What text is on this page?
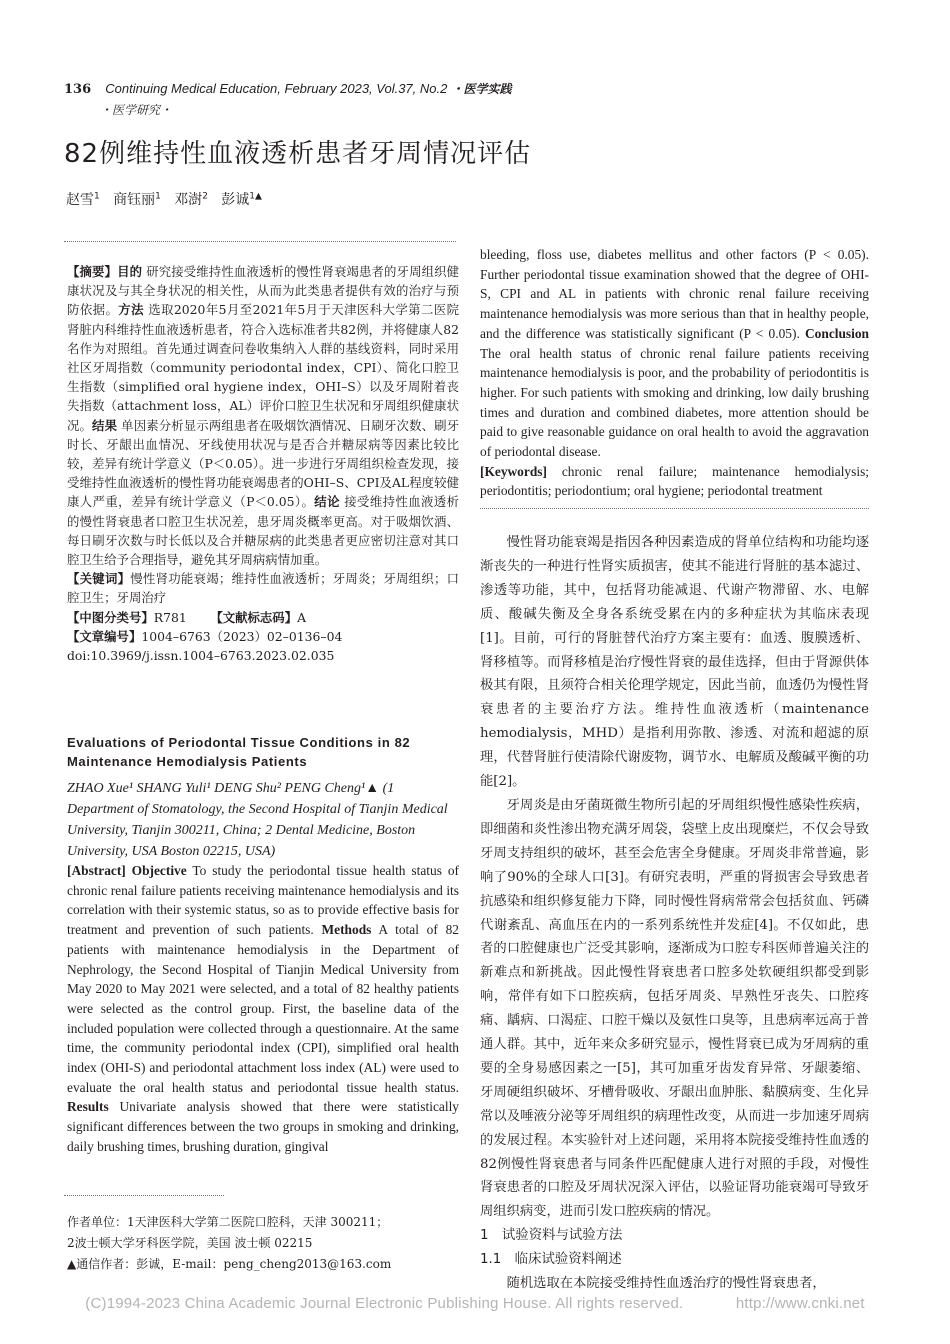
136 Continuing Medical Education, February 2023, Vol.37, No.2 ・医学实践
・医学研究・
82例维持性血液透析患者牙周情况评估
赵雪$^1$ 商钰丽$^1$ 邓澍$^2$ 彭诚$^{1▲}$
【摘要】目的 研究接受维持性血液透析的慢性肾衰竭患者的牙周组织健康状况及与其全身状况的相关性，从而为此类患者提供有效的治疗与预防依据。方法 选取2020年5月至2021年5月于天津医科大学第二医院肾脏内科维持性血液透析患者，符合入选标准者共82例，并将健康人82名作为对照组。首先通过调查问卷收集纳入人群的基线资料，同时采用社区牙周指数（community periodontal index，CPI）、简化口腔卫生指数（simplified oral hygiene index，OHI–S）以及牙周附着丧失指数（attachment loss，AL）评价口腔卫生状况和牙周组织健康状况。结果 单因素分析显示两组患者在吸烟饮酒情况、日刷牙次数、刷牙时长、牙龈出血情况、牙线使用状况与是否合并糖尿病等因素比较比较，差异有统计学意义（P＜0.05）。进一步进行牙周组织检查发现，接受维持性血液透析的慢性肾功能衰竭患者的OHI–S、CPI及AL程度较健康人严重，差异有统计学意义（P＜0.05）。结论 接受维持性血液透析的慢性肾衰患者口腔卫生状况差，患牙周炎概率更高。对于吸烟饮酒、每日刷牙次数与时长低以及合并糖尿病的此类患者更应密切注意对其口腔卫生给予合理指导，避免其牙周病病情加重。
【关键词】慢性肾功能衰竭；维持性血液透析；牙周炎；牙周组织；口腔卫生；牙周治疗
【中图分类号】R781 【文献标志码】A
【文章编号】1004–6763（2023）02–0136–04
doi:10.3969/j.issn.1004–6763.2023.02.035
Evaluations of Periodontal Tissue Conditions in 82 Maintenance Hemodialysis Patients
ZHAO Xue¹ SHANG Yuli¹ DENG Shu² PENG Cheng¹▲ (1 Department of Stomatology, the Second Hospital of Tianjin Medical University, Tianjin 300211, China; 2 Dental Medicine, Boston University, USA Boston 02215, USA)
[Abstract] Objective To study the periodontal tissue health status of chronic renal failure patients receiving maintenance hemodialysis and its correlation with their systemic status, so as to provide effective basis for treatment and prevention of such patients. Methods A total of 82 patients with maintenance hemodialysis in the Department of Nephrology, the Second Hospital of Tianjin Medical University from May 2020 to May 2021 were selected, and a total of 82 healthy patients were selected as the control group. First, the baseline data of the included population were collected through a questionnaire. At the same time, the community periodontal index (CPI), simplified oral health index (OHI-S) and periodontal attachment loss index (AL) were used to evaluate the oral health status and periodontal tissue health status. Results Univariate analysis showed that there were statistically significant differences between the two groups in smoking and drinking, daily brushing times, brushing duration, gingival
bleeding, floss use, diabetes mellitus and other factors (P < 0.05). Further periodontal tissue examination showed that the degree of OHI-S, CPI and AL in patients with chronic renal failure receiving maintenance hemodialysis was more serious than that in healthy people, and the difference was statistically significant (P < 0.05). Conclusion The oral health status of chronic renal failure patients receiving maintenance hemodialysis is poor, and the probability of periodontitis is higher. For such patients with smoking and drinking, low daily brushing times and duration and combined diabetes, more attention should be paid to give reasonable guidance on oral health to avoid the aggravation of periodontal disease.
[Keywords] chronic renal failure; maintenance hemodialysis; periodontitis; periodontium; oral hygiene; periodontal treatment

慢性肾功能衰竭是指因各种因素造成的肾单位结构和功能均逐渐丧失的一种进行性肾实质损害，使其不能进行肾脏的基本滤过、渗透等功能，其中，包括肾功能减退、代谢产物滞留、水、电解质、酸碱失衡及全身各系统受累在内的多种症状为其临床表现[1]。目前，可行的肾脏替代治疗方案主要有：血透、腹膜透析、肾移植等。而肾移植是治疗慢性肾衰的最佳选择，但由于肾源供体极其有限，且须符合相关伦理学规定，因此当前，血透仍为慢性肾衰患者的主要治疗方法。维持性血液透析（maintenance hemodialysis，MHD）是指利用弥散、渗透、对流和超滤的原理，代替肾脏行使清除代谢废物，调节水、电解质及酸碱平衡的功能[2]。

牙周炎是由牙菌斑微生物所引起的牙周组织慢性感染性疾病，即细菌和炎性渗出物充满牙周袋，袋壁上皮出现糜烂，不仅会导致牙周支持组织的破坏，甚至会危害全身健康。牙周炎非常普遍，影响了90%的全球人口[3]。有研究表明，严重的肾损害会导致患者抗感染和组织修复能力下降，同时慢性肾病常常会包括贫血、钙磷代谢紊乱、高血压在内的一系列系统性并发症[4]。不仅如此，患者的口腔健康也广泛受其影响，逐渐成为口腔专科医师普遍关注的新难点和新挑战。因此慢性肾衰患者口腔多处软硬组织都受到影响，常伴有如下口腔疾病，包括牙周炎、早熟性牙丧失、口腔疼痛、龋病、口渴症、口腔干燥以及氨性口臭等，且患病率远高于普通人群。其中，近年来众多研究显示，慢性肾衰已成为牙周病的重要的全身易感因素之一[5]，其可加重牙齿发育异常、牙龈萎缩、牙周硬组织破坏、牙槽骨吸收、牙龈出血肿胀、黏膜病变、生化异常以及唾液分泌等牙周组织的病理性改变，从而进一步加速牙周病的发展过程。本实验针对上述问题，采用将本院接受维持性血透的82例慢性肾衰患者与同条件匹配健康人进行对照的手段，对慢性肾衰患者的口腔及牙周状况深入评估，以验证肾功能衰竭可导致牙周组织病变，进而引发口腔疾病的情况。

1　试验资料与试验方法
1.1　临床试验资料阐述

随机选取在本院接受维持性血透治疗的慢性肾衰患者，

作者单位：1天津医科大学第二医院口腔科，天津 300211；
2波士顿大学牙科医学院，美国 波士顿 02215
▲通信作者：彭诚，E-mail：peng_cheng2013@163.com
(C)1994-2023 China Academic Journal Electronic Publishing House. All rights reserved.	http://www.cnki.net
